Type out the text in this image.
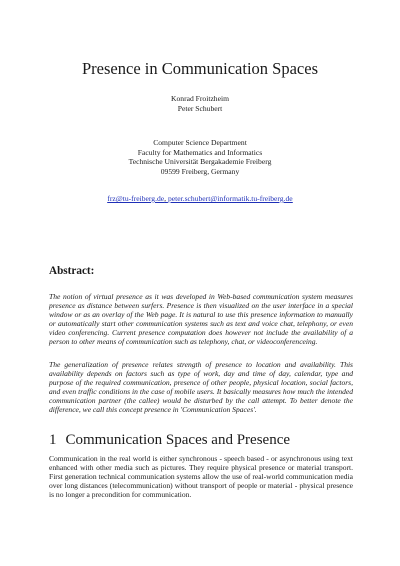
Presence in Communication Spaces
Konrad Froitzheim
Peter Schubert
Computer Science Department
Faculty for Mathematics and Informatics
Technische Universität Bergakademie Freiberg
09599 Freiberg, Germany
frz@tu-freiberg.de, peter.schubert@informatik.tu-freiberg.de
Abstract:

The notion of virtual presence as it was developed in Web-based communication system measures presence as distance between surfers. Presence is then visualized on the user interface in a special window or as an overlay of the Web page. It is natural to use this presence information to manually or automatically start other communication systems such as text and voice chat, telephony, or even video conferencing. Current presence computation does however not include the availability of a person to other means of communication such as telephony, chat, or videoconferenceing.

The generalization of presence relates strength of presence to location and availability. This availability depends on factors such as type of work, day and time of day, calendar, type and purpose of the required communication, presence of other people, physical location, social factors, and even traffic conditions in the case of mobile users. It basically measures how much the intended communication partner (the callee) would be disturbed by the call attempt. To better denote the difference, we call this concept presence in 'Communication Spaces'.

1 Communication Spaces and Presence

Communication in the real world is either synchronous - speech based - or asynchronous using text enhanced with other media such as pictures. They require physical presence or material transport. First generation technical communication systems allow the use of real-world communication media over long distances (telecommunication) without transport of people or material - physical presence is no longer a precondition for communication.
